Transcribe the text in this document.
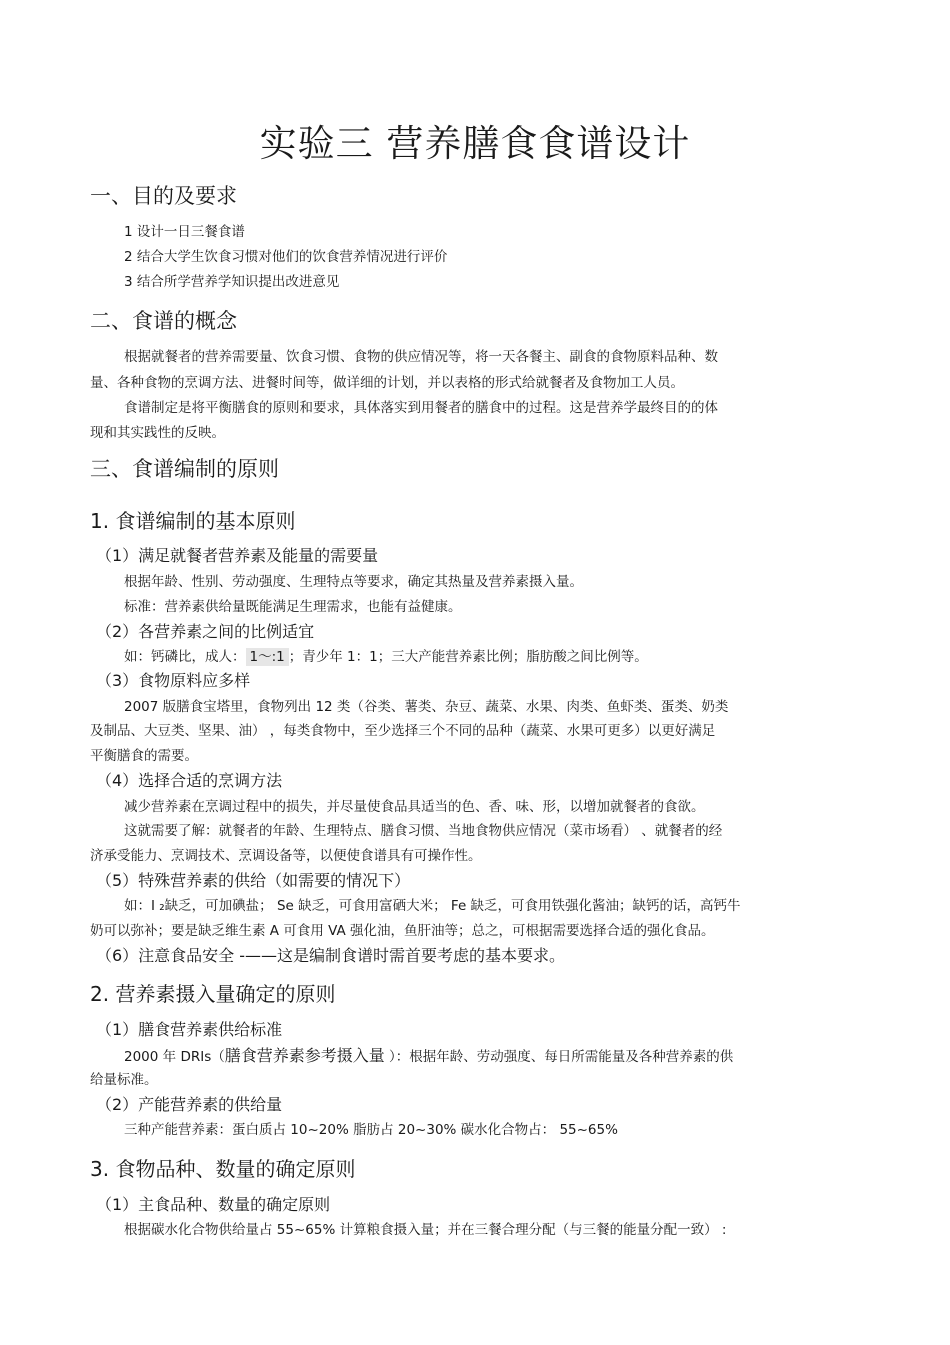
实验三 营养膳食食谱设计
一、目的及要求
1 设计一日三餐食谱
2 结合大学生饮食习惯对他们的饮食营养情况进行评价
3 结合所学营养学知识提出改进意见
二、食谱的概念
根据就餐者的营养需要量、饮食习惯、食物的供应情况等，将一天各餐主、副食的食物原料品种、数
量、各种食物的烹调方法、进餐时间等，做详细的计划，并以表格的形式给就餐者及食物加工人员。
食谱制定是将平衡膳食的原则和要求，具体落实到用餐者的膳食中的过程。这是营养学最终目的的体
现和其实践性的反映。
三、食谱编制的原则
1. 食谱编制的基本原则
（1）满足就餐者营养素及能量的需要量
根据年龄、性别、劳动强度、生理特点等要求，确定其热量及营养素摄入量。
标准：营养素供给量既能满足生理需求，也能有益健康。
（2）各营养素之间的比例适宜
如：钙磷比，成人： 1～:1 ；青少年 1：1；三大产能营养素比例；脂肪酸之间比例等。
（3）食物原料应多样
2007 版膳食宝塔里，食物列出 12 类（谷类、薯类、杂豆、蔬菜、水果、肉类、鱼虾类、蛋类、奶类
及制品、大豆类、坚果、油） ，每类食物中，至少选择三个不同的品种（蔬菜、水果可更多）以更好满足
平衡膳食的需要。
（4）选择合适的烹调方法
减少营养素在烹调过程中的损失，并尽量使食品具适当的色、香、味、形，以增加就餐者的食欲。
这就需要了解：就餐者的年龄、生理特点、膳食习惯、当地食物供应情况（菜市场看） 、就餐者的经
济承受能力、烹调技术、烹调设备等，以便使食谱具有可操作性。
（5）特殊营养素的供给（如需要的情况下）
如：I ₂缺乏，可加碘盐； Se 缺乏，可食用富硒大米； Fe 缺乏，可食用铁强化酱油；缺钙的话，高钙牛
奶可以弥补；要是缺乏维生素 A 可食用 VA 强化油，鱼肝油等；总之，可根据需要选择合适的强化食品。
（6）注意食品安全 -——这是编制食谱时需首要考虑的基本要求。
2. 营养素摄入量确定的原则
（1）膳食营养素供给标准
2000 年 DRIs（膳食营养素参考摄入量 ）：根据年龄、劳动强度、每日所需能量及各种营养素的供
给量标准。
（2）产能营养素的供给量
三种产能营养素：蛋白质占 10~20% 脂肪占 20~30% 碳水化合物占： 55~65%
3. 食物品种、数量的确定原则
（1）主食品种、数量的确定原则
根据碳水化合物供给量占 55~65% 计算粮食摄入量；并在三餐合理分配（与三餐的能量分配一致） :
